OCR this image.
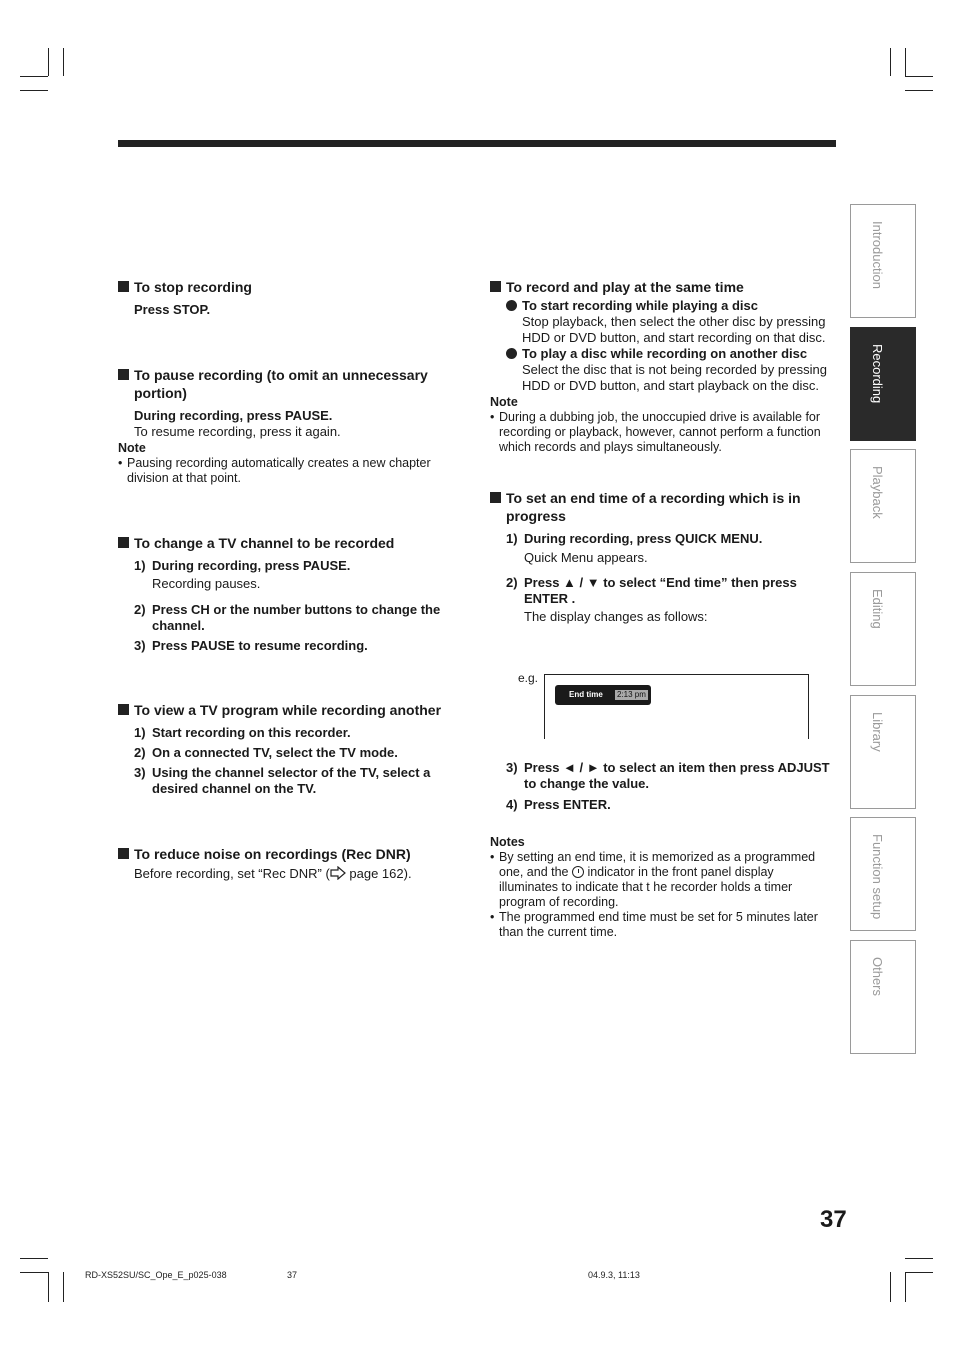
To stop recording
Press STOP.
To pause recording (to omit an unnecessary portion)
During recording, press PAUSE.
To resume recording, press it again.
Note
• Pausing recording automatically creates a new chapter division at that point.
To change a TV channel to be recorded
1) During recording, press PAUSE.
Recording pauses.
2) Press CH or the number buttons to change the channel.
3) Press PAUSE to resume recording.
To view a TV program while recording another
1) Start recording on this recorder.
2) On a connected TV, select the TV mode.
3) Using the channel selector of the TV, select a desired channel on the TV.
To reduce noise on recordings (Rec DNR)
Before recording, set “Rec DNR” ( page 162).
To record and play at the same time
To start recording while playing a disc
Stop playback, then select the other disc by pressing HDD or DVD button, and start recording on that disc.
To play a disc while recording on another disc
Select the disc that is not being recorded by pressing HDD or DVD button, and start playback on the disc.
Note
• During a dubbing job, the unoccupied drive is available for recording or playback, however, cannot perform a function which records and plays simultaneously.
To set an end time of a recording which is in progress
1) During recording, press QUICK MENU.
Quick Menu appears.
2) Press ▲ / ▼ to select “End time” then press ENTER .
The display changes as follows:
e.g.
End time 2:13 pm
3) Press ◄ / ► to select an item then press ADJUST to change the value.
4) Press ENTER.
Notes
• By setting an end time, it is memorized as a programmed one, and the  indicator in the front panel display illuminates to indicate that t he recorder holds a timer program of recording.
• The programmed end time must be set for 5 minutes later than the current time.
Introduction
Recording
Playback
Editing
Library
Function setup
Others
37
RD-XS52SU/SC_Ope_E_p025-038	37	04.9.3, 11:13
